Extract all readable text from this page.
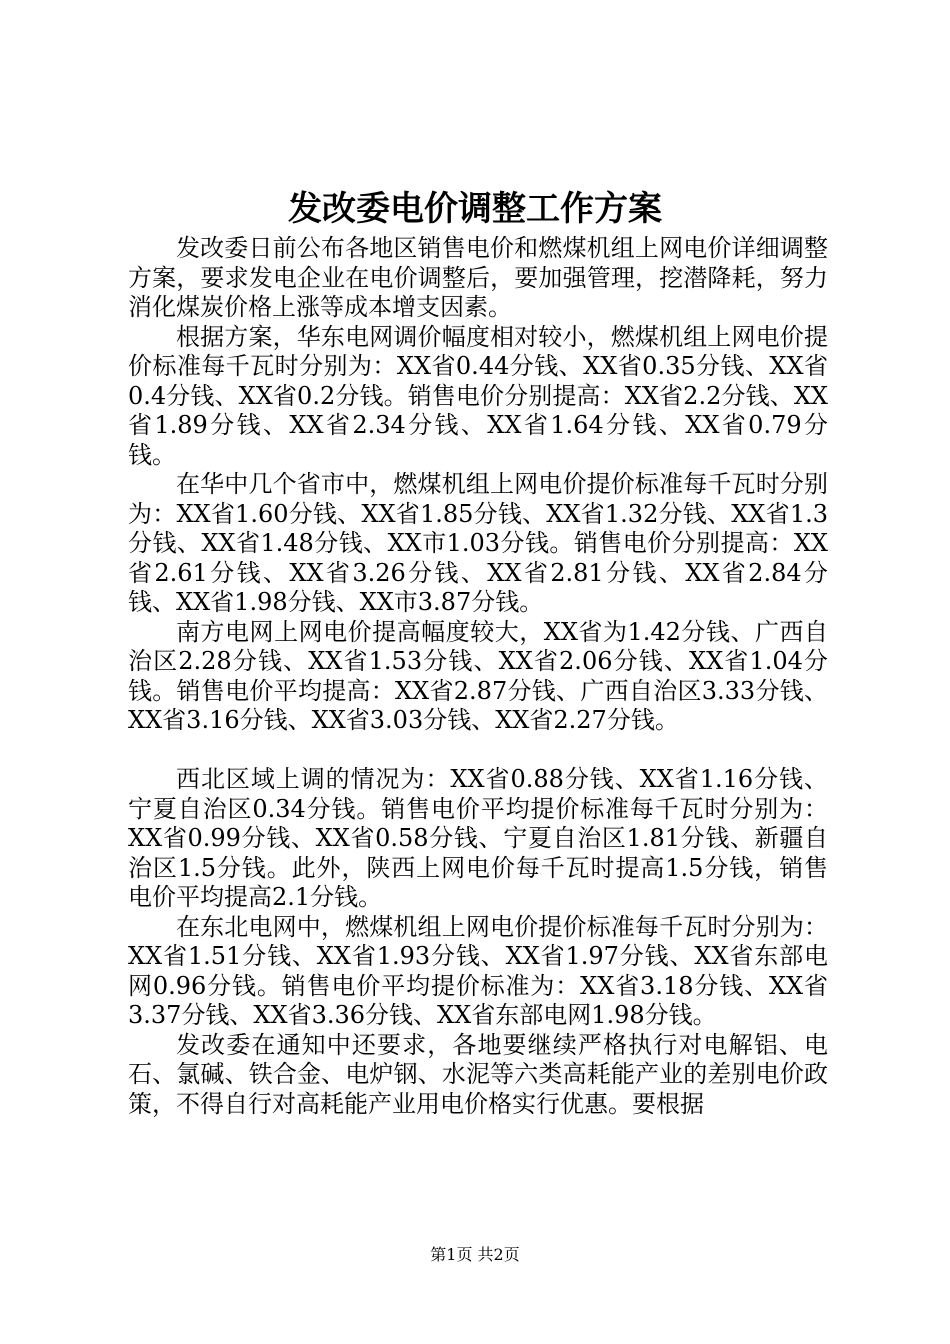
发改委电价调整工作方案

发改委日前公布各地区销售电价和燃煤机组上网电价详细调整方案，要求发电企业在电价调整后，要加强管理，挖潜降耗，努力消化煤炭价格上涨等成本增支因素。

根据方案，华东电网调价幅度相对较小，燃煤机组上网电价提价标准每千瓦时分别为：XX省0.44分钱、XX省0.35分钱、XX省0.4分钱、XX省0.2分钱。销售电价分别提高：XX省2.2分钱、XX省1.89分钱、XX省2.34分钱、XX省1.64分钱、XX省0.79分钱。

在华中几个省市中，燃煤机组上网电价提价标准每千瓦时分别为：XX省1.60分钱、XX省1.85分钱、XX省1.32分钱、XX省1.3分钱、XX省1.48分钱、XX市1.03分钱。销售电价分别提高：XX省2.61分钱、XX省3.26分钱、XX省2.81分钱、XX省2.84分钱、XX省1.98分钱、XX市3.87分钱。

南方电网上网电价提高幅度较大，XX省为1.42分钱、广西自治区2.28分钱、XX省1.53分钱、XX省2.06分钱、XX省1.04分钱。销售电价平均提高：XX省2.87分钱、广西自治区3.33分钱、XX省3.16分钱、XX省3.03分钱、XX省2.27分钱。

西北区域上调的情况为：XX省0.88分钱、XX省1.16分钱、宁夏自治区0.34分钱。销售电价平均提价标准每千瓦时分别为：XX省0.99分钱、XX省0.58分钱、宁夏自治区1.81分钱、新疆自治区1.5分钱。此外，陕西上网电价每千瓦时提高1.5分钱，销售电价平均提高2.1分钱。

在东北电网中，燃煤机组上网电价提价标准每千瓦时分别为：XX省1.51分钱、XX省1.93分钱、XX省1.97分钱、XX省东部电网0.96分钱。销售电价平均提价标准为：XX省3.18分钱、XX省3.37分钱、XX省3.36分钱、XX省东部电网1.98分钱。

发改委在通知中还要求，各地要继续严格执行对电解铝、电石、氯碱、铁合金、电炉钢、水泥等六类高耗能产业的差别电价政策，不得自行对高耗能产业用电价格实行优惠。要根据

第1页 共2页
